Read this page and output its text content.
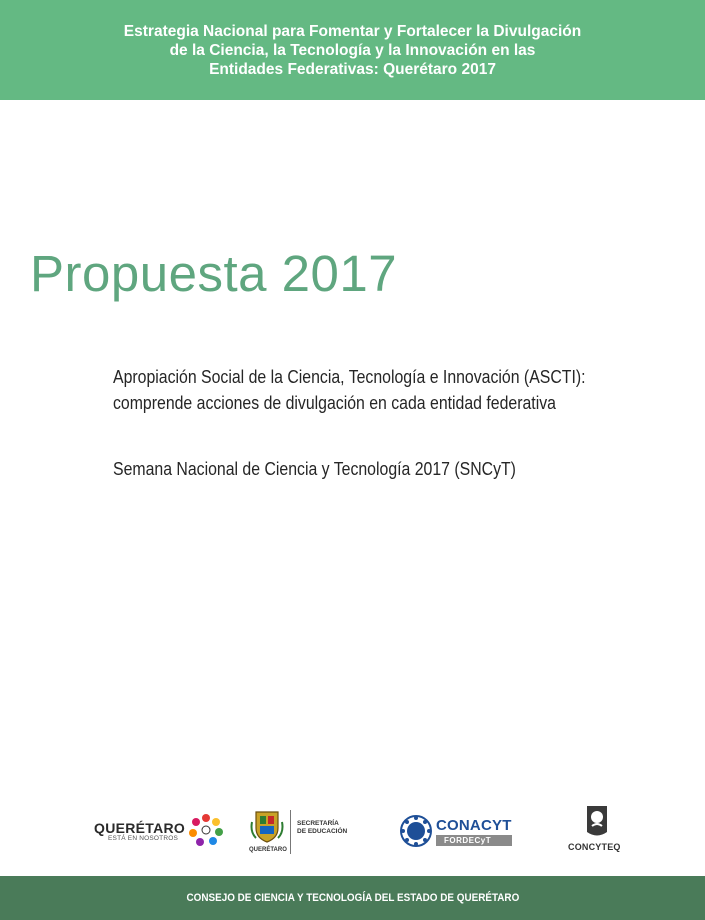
Estrategia Nacional para Fomentar y Fortalecer la Divulgación
de la Ciencia, la Tecnología y la Innovación en las
Entidades Federativas: Querétaro 2017
Propuesta 2017
Apropiación Social de la Ciencia, Tecnología e Innovación (ASCTI):
comprende acciones de divulgación en cada entidad federativa
Semana Nacional de Ciencia y Tecnología 2017 (SNCyT)
QUERÉTARO
ESTÁ EN NOSOTROS
QUERÉTARO
SECRETARÍA
DE EDUCACIÓN	CONACYT
FORDECyT
CONCYTEQ
CONSEJO DE CIENCIA Y TECNOLOGÍA DEL ESTADO DE QUERÉTARO
